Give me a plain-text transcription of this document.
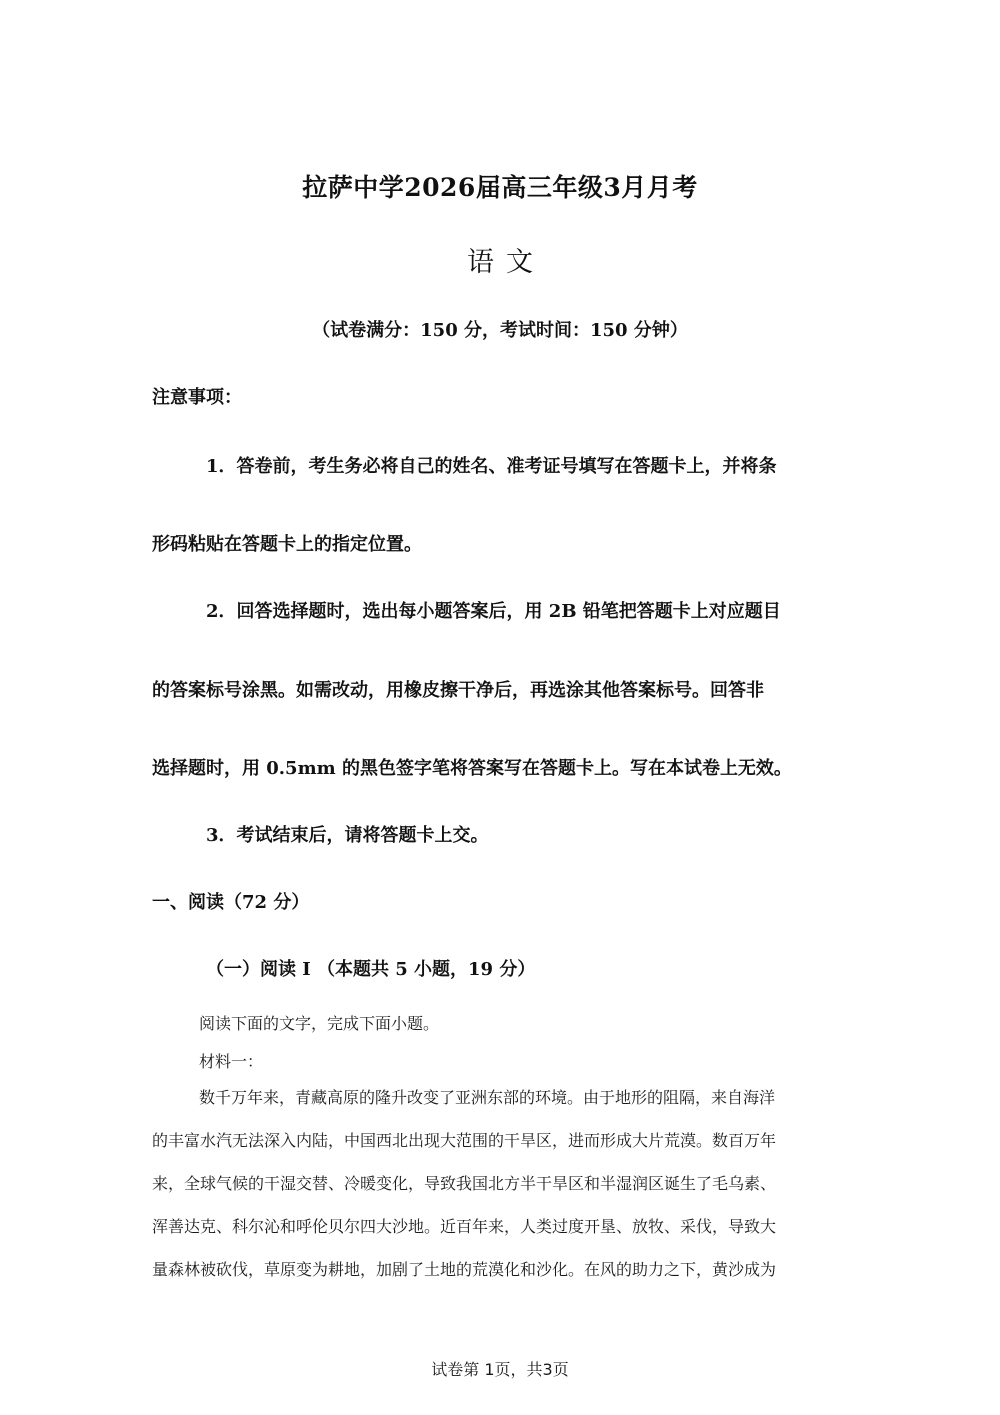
拉萨中学2026届高三年级3月月考
语文
（试卷满分：150 分，考试时间：150 分钟）
注意事项：
1．答卷前，考生务必将自己的姓名、准考证号填写在答题卡上，并将条
形码粘贴在答题卡上的指定位置。
2．回答选择题时，选出每小题答案后，用 2B 铅笔把答题卡上对应题目
的答案标号涂黑。如需改动，用橡皮擦干净后，再选涂其他答案标号。回答非
选择题时，用 0.5mm 的黑色签字笔将答案写在答题卡上。写在本试卷上无效。
3．考试结束后，请将答题卡上交。
一、阅读（72 分）
（一）阅读 I （本题共 5 小题，19 分）
阅读下面的文字，完成下面小题。
材料一：
数千万年来，青藏高原的隆升改变了亚洲东部的环境。由于地形的阻隔，来自海洋
的丰富水汽无法深入内陆，中国西北出现大范围的干旱区，进而形成大片荒漠。数百万年
来，全球气候的干湿交替、冷暖变化，导致我国北方半干旱区和半湿润区诞生了毛乌素、
浑善达克、科尔沁和呼伦贝尔四大沙地。近百年来，人类过度开垦、放牧、采伐，导致大
量森林被砍伐，草原变为耕地，加剧了土地的荒漠化和沙化。在风的助力之下，黄沙成为
试卷第 1页，共3页
